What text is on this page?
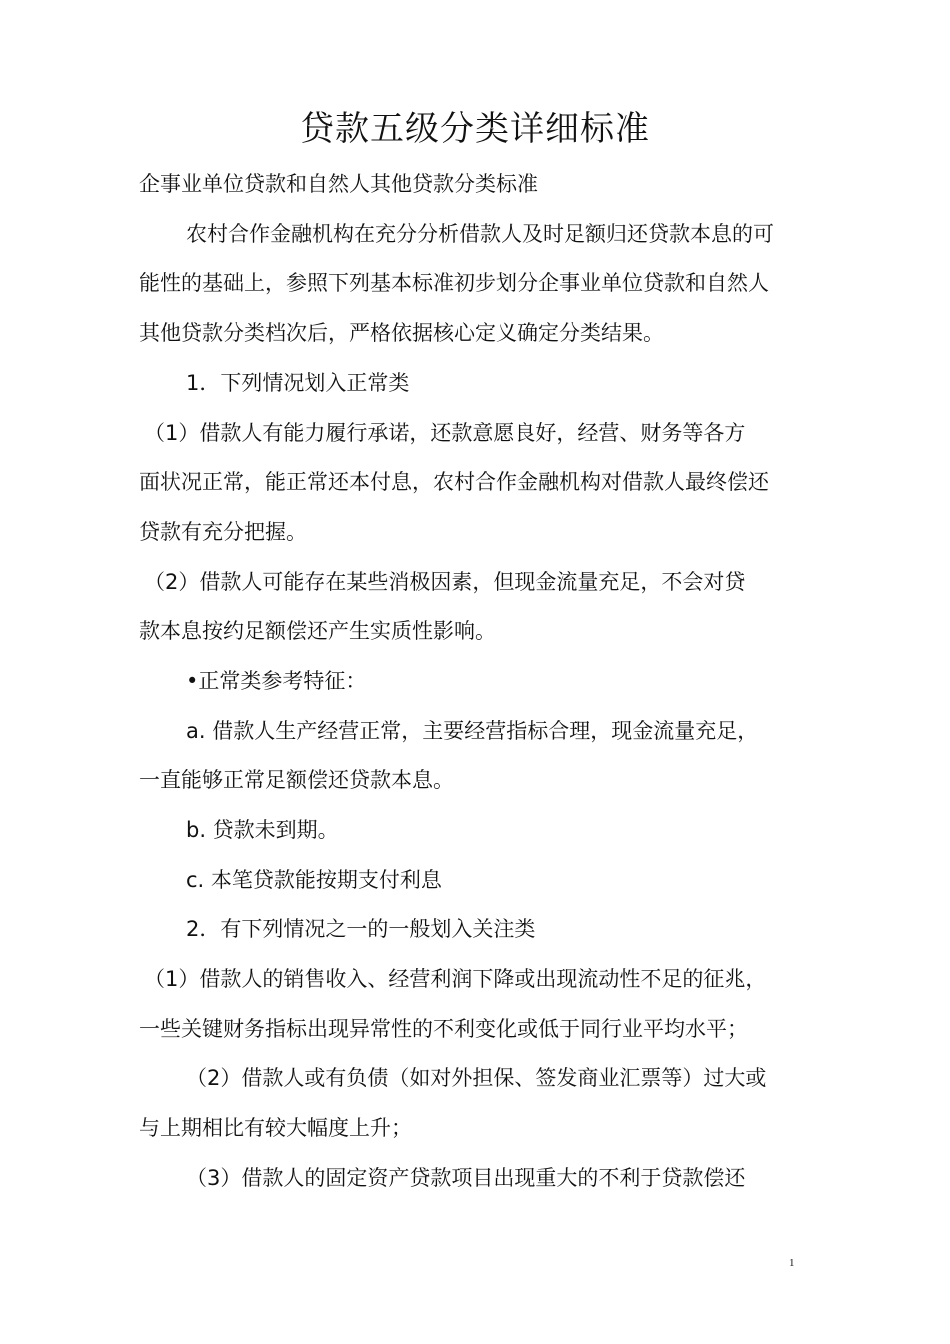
贷款五级分类详细标准
企事业单位贷款和自然人其他贷款分类标准
农村合作金融机构在充分分析借款人及时足额归还贷款本息的可
能性的基础上，参照下列基本标准初步划分企事业单位贷款和自然人
其他贷款分类档次后，严格依据核心定义确定分类结果。
1．下列情况划入正常类
（1）借款人有能力履行承诺，还款意愿良好，经营、财务等各方
面状况正常，能正常还本付息，农村合作金融机构对借款人最终偿还
贷款有充分把握。
（2）借款人可能存在某些消极因素，但现金流量充足，不会对贷
款本息按约足额偿还产生实质性影响。
•正常类参考特征：
a. 借款人生产经营正常，主要经营指标合理，现金流量充足，
一直能够正常足额偿还贷款本息。
b. 贷款未到期。
c. 本笔贷款能按期支付利息
2．有下列情况之一的一般划入关注类
（1）借款人的销售收入、经营利润下降或出现流动性不足的征兆，
一些关键财务指标出现异常性的不利变化或低于同行业平均水平；
（2）借款人或有负债（如对外担保、签发商业汇票等）过大或
与上期相比有较大幅度上升；
（3）借款人的固定资产贷款项目出现重大的不利于贷款偿还
1
